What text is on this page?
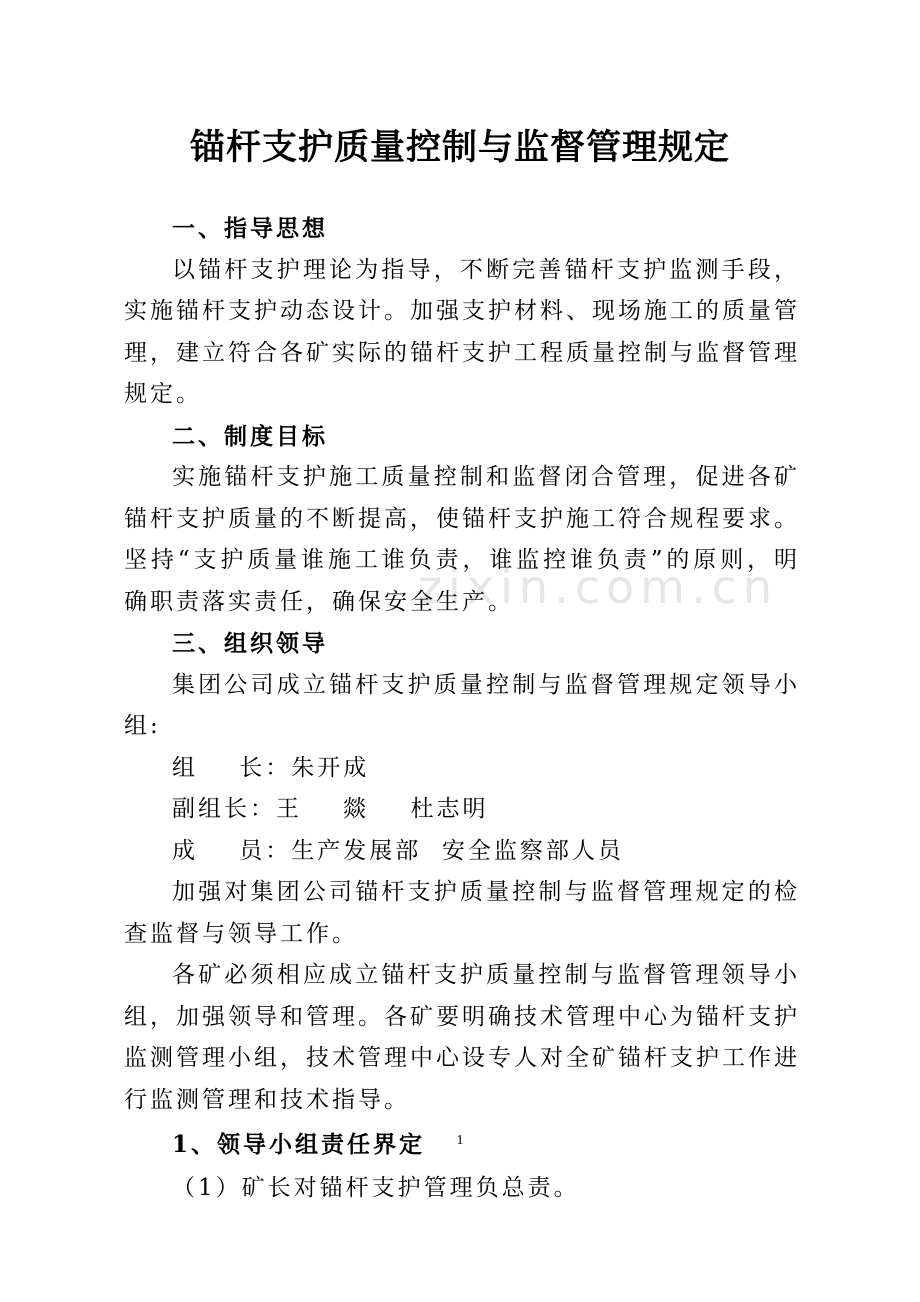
zixin.com.cn
锚杆支护质量控制与监督管理规定

一、指导思想

以锚杆支护理论为指导，不断完善锚杆支护监测手段，实施锚杆支护动态设计。加强支护材料、现场施工的质量管理，建立符合各矿实际的锚杆支护工程质量控制与监督管理规定。

二、制度目标

实施锚杆支护施工质量控制和监督闭合管理，促进各矿锚杆支护质量的不断提高，使锚杆支护施工符合规程要求。坚持“支护质量谁施工谁负责，谁监控谁负责”的原则，明确职责落实责任，确保安全生产。

三、组织领导

集团公司成立锚杆支护质量控制与监督管理规定领导小组:

组    长：朱开成

副组长：王    燚    杜志明

成    员：生产发展部  安全监察部人员

加强对集团公司锚杆支护质量控制与监督管理规定的检查监督与领导工作。

各矿必须相应成立锚杆支护质量控制与监督管理领导小组，加强领导和管理。各矿要明确技术管理中心为锚杆支护监测管理小组，技术管理中心设专人对全矿锚杆支护工作进行监测管理和技术指导。

1、领导小组责任界定

（1）矿长对锚杆支护管理负总责。

1
